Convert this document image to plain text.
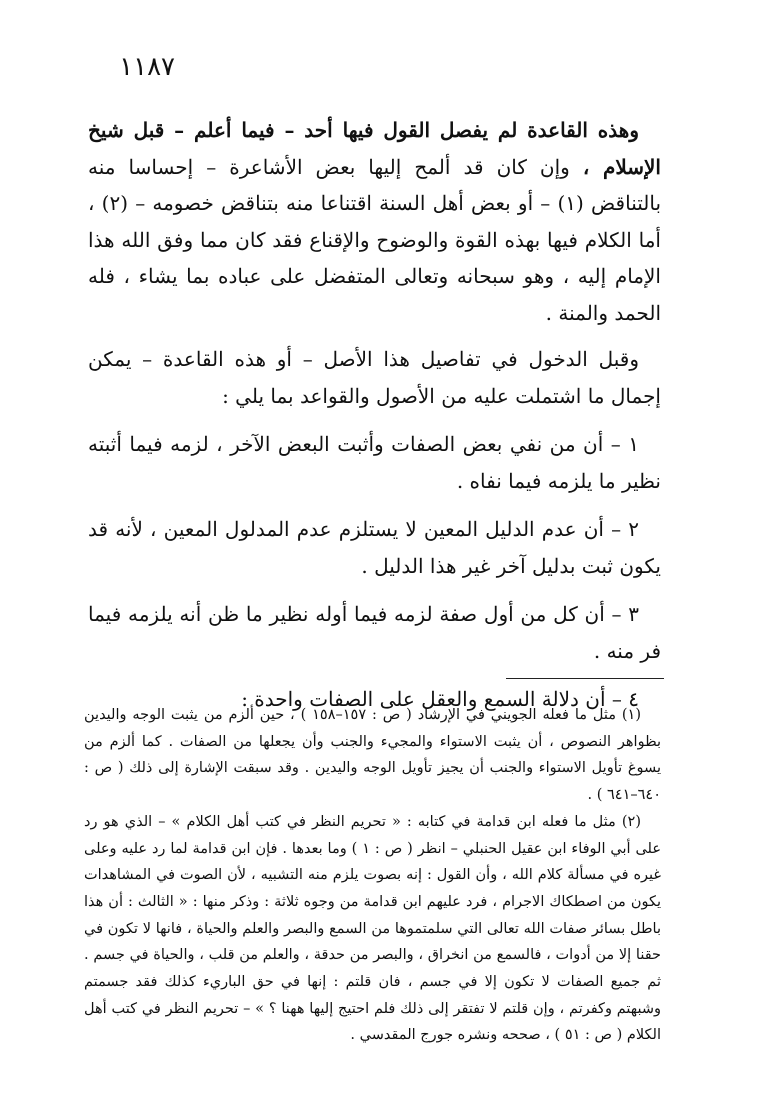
١١٨٧

وهذه القاعدة لم يفصل القول فيها أحد – فيما أعلم – قبل شيخ الإسلام ، وإن كان قد ألمح إليها بعض الأشاعرة – إحساسا منه بالتناقض (١) – أو بعض أهل السنة اقتناعا منه بتناقض خصومه – (٢) ، أما الكلام فيها بهذه القوة والوضوح والإقناع فقد كان مما وفق الله هذا الإمام إليه ، وهو سبحانه وتعالى المتفضل على عباده بما يشاء ، فله الحمد والمنة .

وقبل الدخول في تفاصيل هذا الأصل – أو هذه القاعدة – يمكن إجمال ما اشتملت عليه من الأصول والقواعد بما يلي :

١ – أن من نفي بعض الصفات وأثبت البعض الآخر ، لزمه فيما أثبته نظير ما يلزمه فيما نفاه .

٢ – أن عدم الدليل المعين لا يستلزم عدم المدلول المعين ، لأنه قد يكون ثبت بدليل آخر غير هذا الدليل .

٣ – أن كل من أول صفة لزمه فيما أوله نظير ما ظن أنه يلزمه فيما فر منه .

٤ – أن دلالة السمع والعقل على الصفات واحدة :

(١) مثل ما فعله الجويني في الإرشاد ( ص : ١٥٧–١٥٨ ) ، حين ألزم من يثبت الوجه واليدين بظواهر النصوص ، أن يثبت الاستواء والمجيء والجنب وأن يجعلها من الصفات . كما ألزم من يسوغ تأويل الاستواء والجنب أن يجيز تأويل الوجه واليدين . وقد سبقت الإشارة إلى ذلك ( ص : ٦٤٠–٦٤١ ) .

(٢) مثل ما فعله ابن قدامة في كتابه : « تحريم النظر في كتب أهل الكلام » – الذي هو رد على أبي الوفاء ابن عقيل الحنبلي – انظر ( ص : ١ ) وما بعدها . فإن ابن قدامة لما رد عليه وعلى غيره في مسألة كلام الله ، وأن القول : إنه بصوت يلزم منه التشبيه ، لأن الصوت في المشاهدات يكون من اصطكاك الاجرام ، فرد عليهم ابن قدامة من وجوه ثلاثة : وذكر منها : « الثالث : أن هذا باطل بسائر صفات الله تعالى التي سلمتموها من السمع والبصر والعلم والحياة ، فانها لا تكون في حقنا إلا من أدوات ، فالسمع من انخراق ، والبصر من حدقة ، والعلم من قلب ، والحياة في جسم . ثم جميع الصفات لا تكون إلا في جسم ، فان قلتم : إنها في حق الباريء كذلك فقد جسمتم وشبهتم وكفرتم ، وإن قلتم لا تفتقر إلى ذلك فلم احتيج إليها ههنا ؟ » – تحريم النظر في كتب أهل الكلام ( ص : ٥١ ) ، صححه ونشره جورج المقدسي .
